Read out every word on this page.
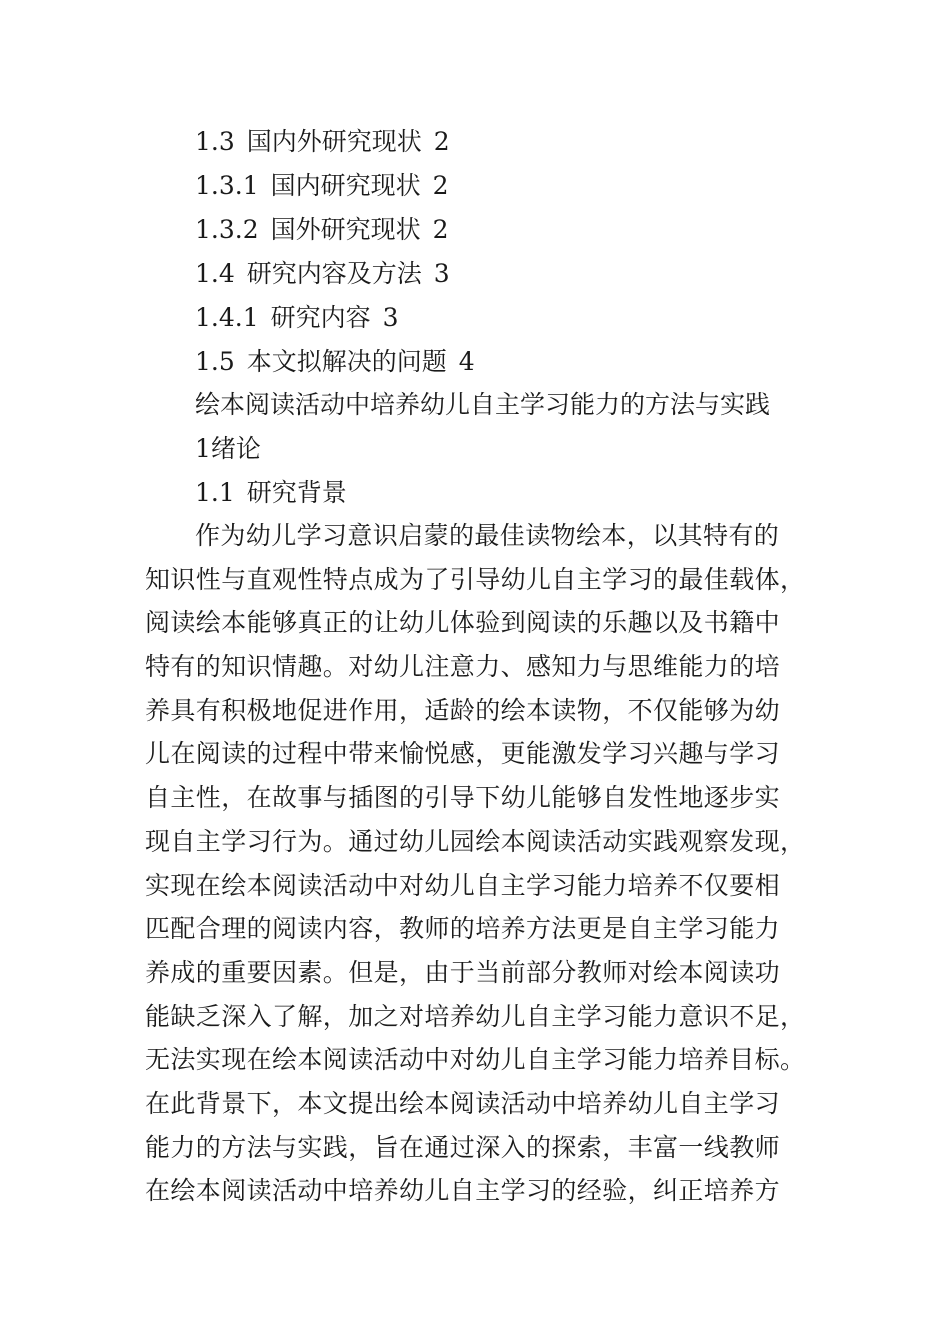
1.3 国内外研究现状 2
1.3.1 国内研究现状 2
1.3.2 国外研究现状 2
1.4 研究内容及方法 3
1.4.1 研究内容 3
1.5 本文拟解决的问题 4
绘本阅读活动中培养幼儿自主学习能力的方法与实践
1绪论
1.1 研究背景
作为幼儿学习意识启蒙的最佳读物绘本，以其特有的
知识性与直观性特点成为了引导幼儿自主学习的最佳载体，
阅读绘本能够真正的让幼儿体验到阅读的乐趣以及书籍中
特有的知识情趣。对幼儿注意力、感知力与思维能力的培
养具有积极地促进作用，适龄的绘本读物，不仅能够为幼
儿在阅读的过程中带来愉悦感，更能激发学习兴趣与学习
自主性，在故事与插图的引导下幼儿能够自发性地逐步实
现自主学习行为。通过幼儿园绘本阅读活动实践观察发现，
实现在绘本阅读活动中对幼儿自主学习能力培养不仅要相
匹配合理的阅读内容，教师的培养方法更是自主学习能力
养成的重要因素。但是，由于当前部分教师对绘本阅读功
能缺乏深入了解，加之对培养幼儿自主学习能力意识不足，
无法实现在绘本阅读活动中对幼儿自主学习能力培养目标。
在此背景下，本文提出绘本阅读活动中培养幼儿自主学习
能力的方法与实践，旨在通过深入的探索，丰富一线教师
在绘本阅读活动中培养幼儿自主学习的经验，纠正培养方
